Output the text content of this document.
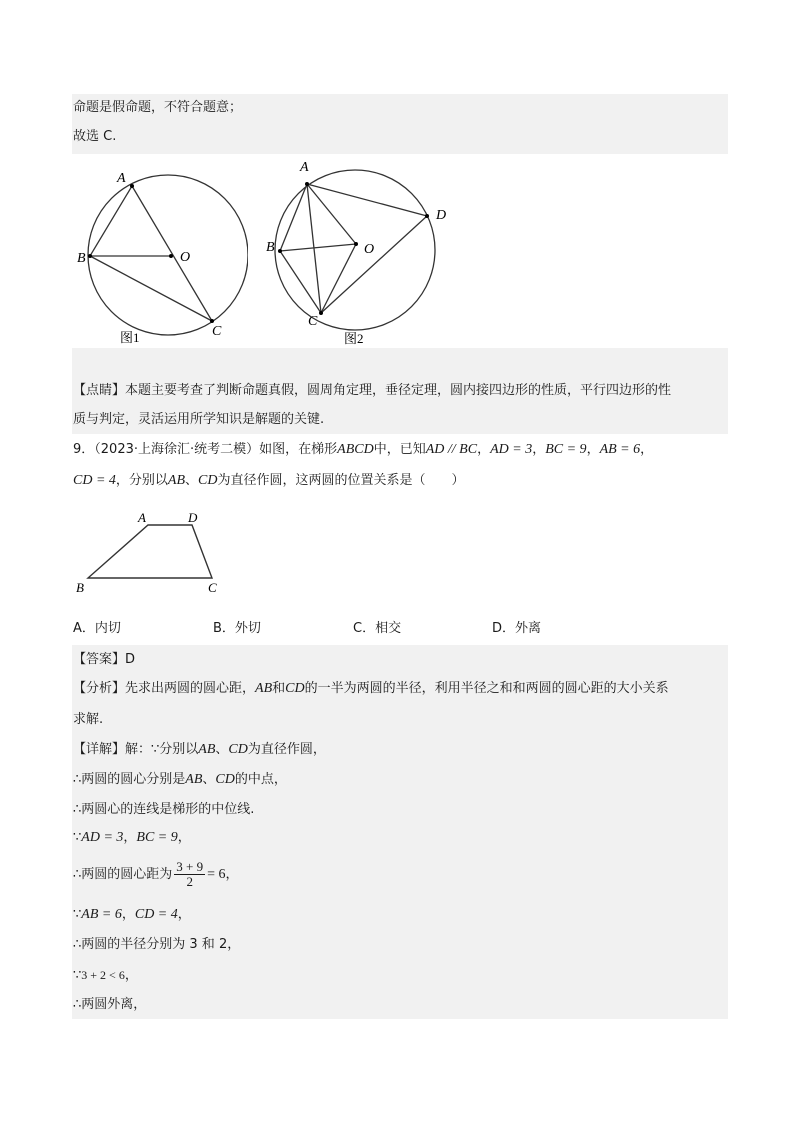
命题是假命题，不符合题意；
故选 C.
A
B	O
C
图1
A
D
B	O
C
图2
【点睛】本题主要考查了判断命题真假，圆周角定理，垂径定理，圆内接四边形的性质，平行四边形的性
质与判定，灵活运用所学知识是解题的关键.
9．（2023·上海徐汇·统考二模）如图，在梯形ABCD中，已知AD // BC，AD = 3，BC = 9，AB = 6，
CD = 4，分别以AB、CD为直径作圆，这两圆的位置关系是（　　）
A	D
B	C
A．内切	B．外切	C．相交	D．外离
【答案】D
【分析】先求出两圆的圆心距，AB和CD的一半为两圆的半径，利用半径之和和两圆的圆心距的大小关系
求解.
【详解】解：∵分别以AB、CD为直径作圆，
∴两圆的圆心分别是AB、CD的中点，
∴两圆心的连线是梯形的中位线.
∵AD = 3，BC = 9，
∴两圆的圆心距为 $\frac{3 + 9}{2} = 6$，
∵AB = 6，CD = 4，
∴两圆的半径分别为 3 和 2，
∵3 + 2 < 6，
∴两圆外离，
